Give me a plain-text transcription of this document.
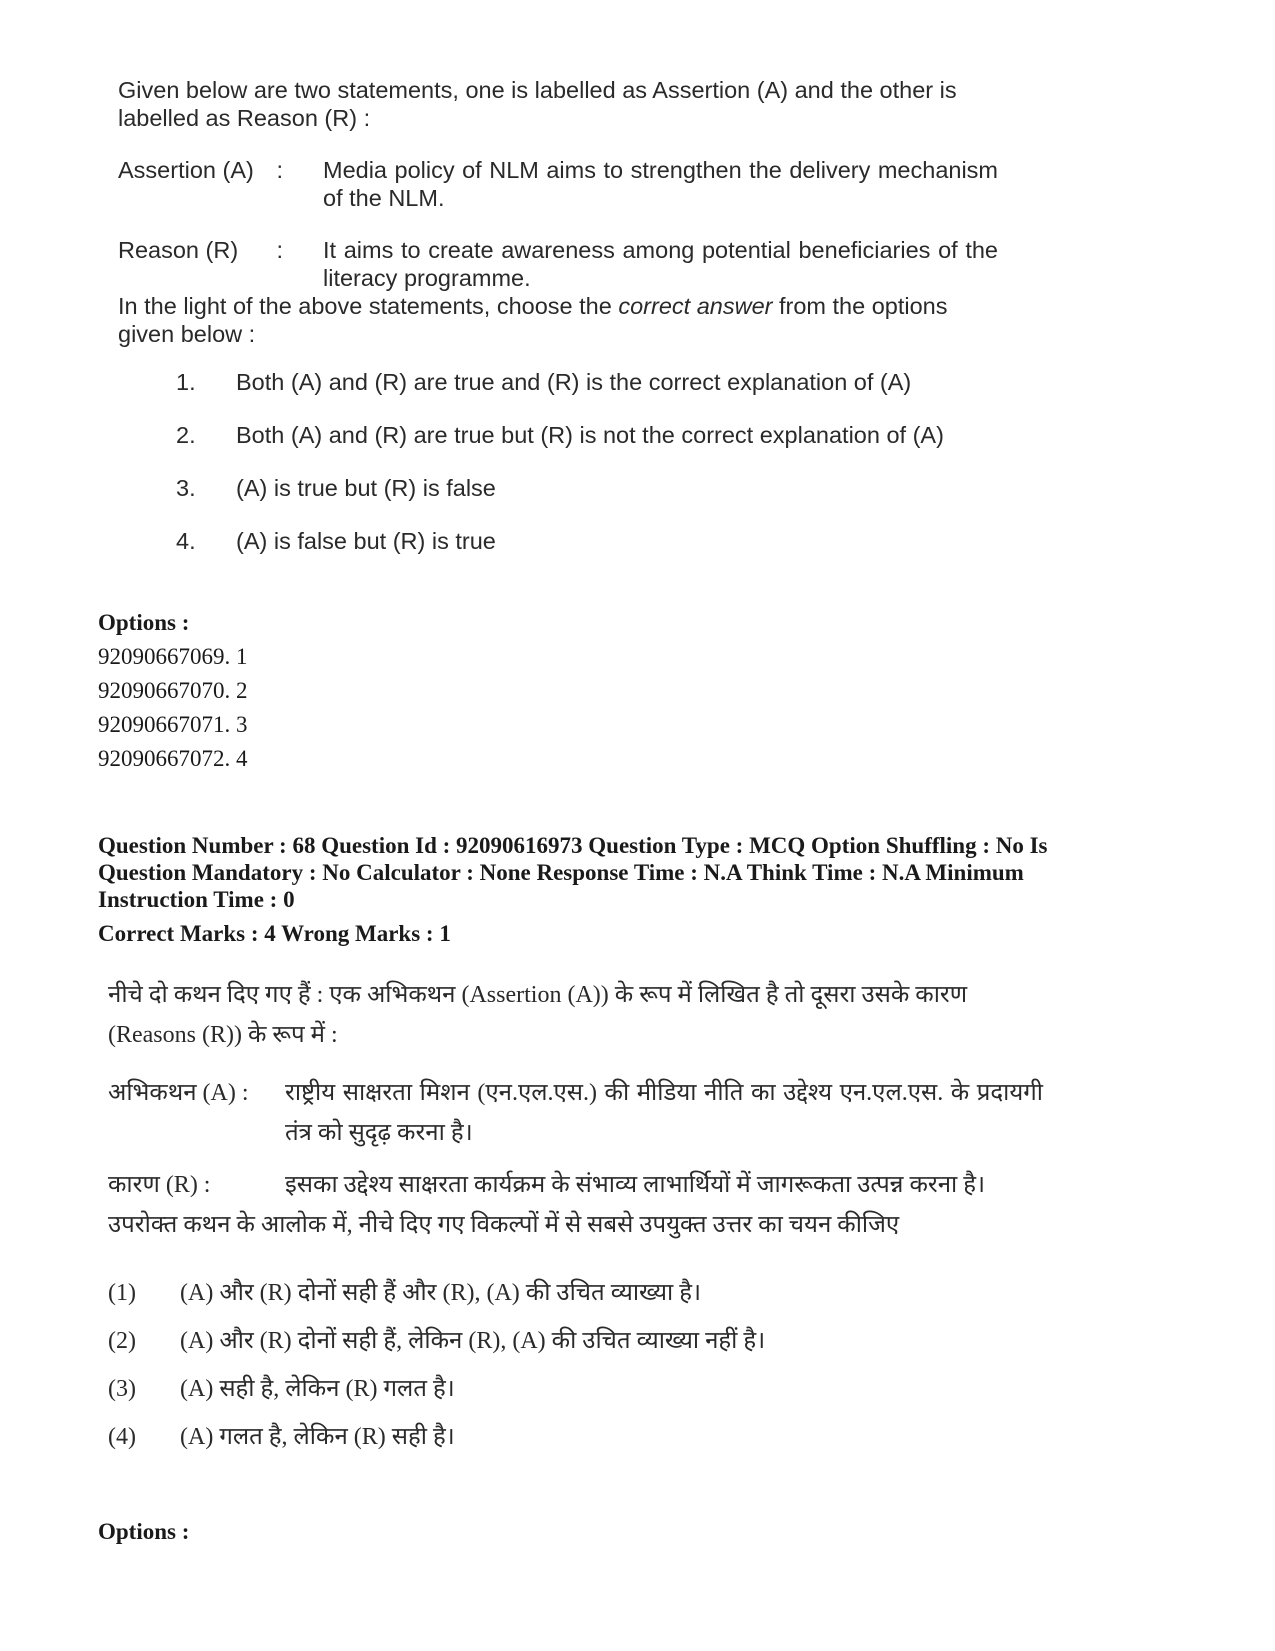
Given below are two statements, one is labelled as Assertion (A) and the other is labelled as Reason (R) :

Assertion (A) : Media policy of NLM aims to strengthen the delivery mechanism of the NLM.
Reason (R) : It aims to create awareness among potential beneficiaries of the literacy programme.

In the light of the above statements, choose the correct answer from the options given below :

1.	Both (A) and (R) are true and (R) is the correct explanation of (A)
2.	Both (A) and (R) are true but (R) is not the correct explanation of (A)
3.	(A) is true but (R) is false
4.	(A) is false but (R) is true

Options :

92090667069. 1
92090667070. 2
92090667071. 3
92090667072. 4

Question Number : 68 Question Id : 92090616973 Question Type : MCQ Option Shuffling : No Is Question Mandatory : No Calculator : None Response Time : N.A Think Time : N.A Minimum Instruction Time : 0

Correct Marks : 4 Wrong Marks : 1

नीचे दो कथन दिए गए हैं : एक अभिकथन (Assertion (A)) के रूप में लिखित है तो दूसरा उसके कारण (Reasons (R)) के रूप में :

अभिकथन (A) :	राष्ट्रीय साक्षरता मिशन (एन.एल.एस.) की मीडिया नीति का उद्देश्य एन.एल.एस. के प्रदायगी तंत्र को सुदृढ़ करना है।
कारण (R) :	इसका उद्देश्य साक्षरता कार्यक्रम के संभाव्य लाभार्थियों में जागरूकता उत्पन्न करना है।

उपरोक्त कथन के आलोक में, नीचे दिए गए विकल्पों में से सबसे उपयुक्त उत्तर का चयन कीजिए

(1)	(A) और (R) दोनों सही हैं और (R), (A) की उचित व्याख्या है।
(2)	(A) और (R) दोनों सही हैं, लेकिन (R), (A) की उचित व्याख्या नहीं है।
(3)	(A) सही है, लेकिन (R) गलत है।
(4)	(A) गलत है, लेकिन (R) सही है।

Options :
